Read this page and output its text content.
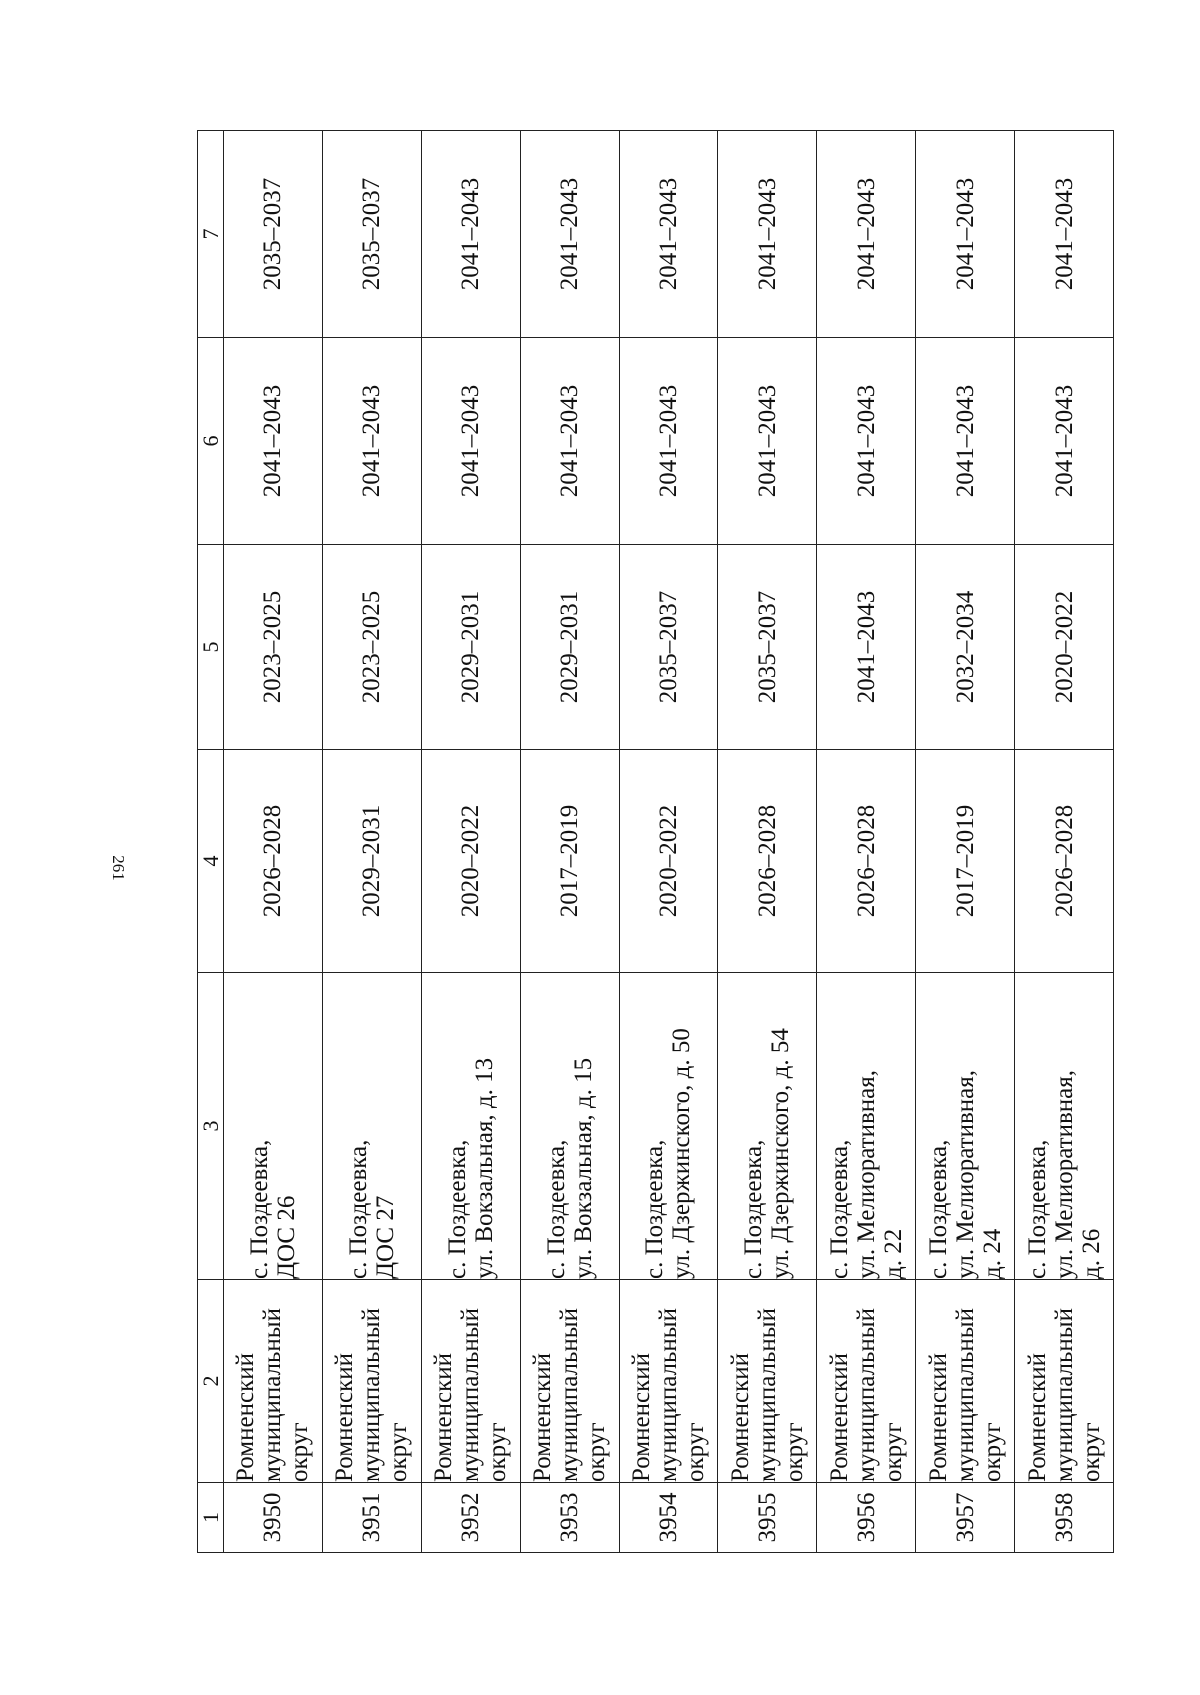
261
1	2	3	4	5	6	7
3950	Ромненский муниципальный округ	с. Поздеевка, ДОС 26	2026–2028	2023–2025	2041–2043	2035–2037
3951	Ромненский муниципальный округ	с. Поздеевка, ДОС 27	2029–2031	2023–2025	2041–2043	2035–2037
3952	Ромненский муниципальный округ	с. Поздеевка, ул. Вокзальная, д. 13	2020–2022	2029–2031	2041–2043	2041–2043
3953	Ромненский муниципальный округ	с. Поздеевка, ул. Вокзальная, д. 15	2017–2019	2029–2031	2041–2043	2041–2043
3954	Ромненский муниципальный округ	с. Поздеевка, ул. Дзержинского, д. 50	2020–2022	2035–2037	2041–2043	2041–2043
3955	Ромненский муниципальный округ	с. Поздеевка, ул. Дзержинского, д. 54	2026–2028	2035–2037	2041–2043	2041–2043
3956	Ромненский муниципальный округ	с. Поздеевка, ул. Мелиоративная, д. 22	2026–2028	2041–2043	2041–2043	2041–2043
3957	Ромненский муниципальный округ	с. Поздеевка, ул. Мелиоративная, д. 24	2017–2019	2032–2034	2041–2043	2041–2043
3958	Ромненский муниципальный округ	с. Поздеевка, ул. Мелиоративная, д. 26	2026–2028	2020–2022	2041–2043	2041–2043
